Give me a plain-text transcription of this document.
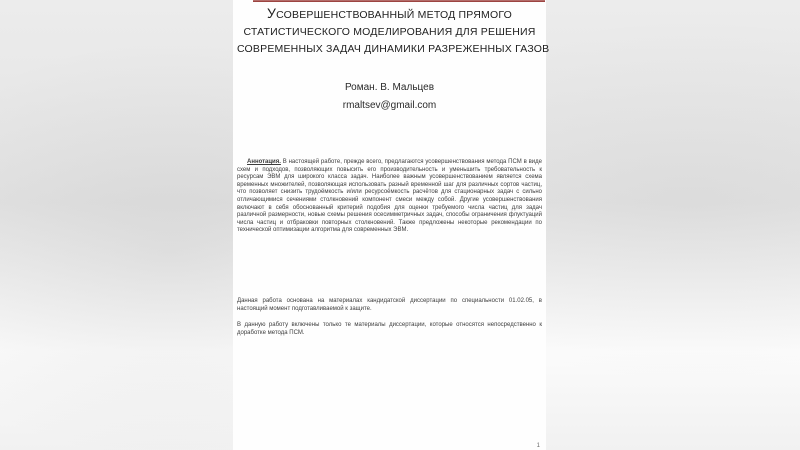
УСОВЕРШЕНСТВОВАННЫЙ МЕТОД ПРЯМОГО
СТАТИСТИЧЕСКОГО МОДЕЛИРОВАНИЯ ДЛЯ РЕШЕНИЯ
СОВРЕМЕННЫХ ЗАДАЧ ДИНАМИКИ РАЗРЕЖЕННЫХ ГАЗОВ
Роман. В. Мальцев
rmaltsev@gmail.com

Аннотация. В настоящей работе, прежде всего, предлагаются усовершенствования метода ПСМ в виде схем и подходов, позволяющих повысить его производительность и уменьшить требовательность к ресурсам ЭВМ для широкого класса задач. Наиболее важным усовершенствованием является схема временных множителей, позволяющая использовать разный временной шаг для различных сортов частиц, что позволяет снизить трудоёмкость и/или ресурсоёмкость расчётов для стационарных задач с сильно отличающимися сечениями столкновений компонент смеси между собой. Другие усовершенствования включают в себя обоснованный критерий подобия для оценки требуемого числа частиц для задач различной размерности, новые схемы решения осесимметричных задач, способы ограничения флуктуаций числа частиц и отбраковки повторных столкновений. Также предложены некоторые рекомендации по технической оптимизации алгоритма для современных ЭВМ.

Данная работа основана на материалах кандидатской диссертации по специальности 01.02.05, в настоящий момент подготавливаемой к защите.

В данную работу включены только те материалы диссертации, которые относятся непосредственно к доработке метода ПСМ.

1
